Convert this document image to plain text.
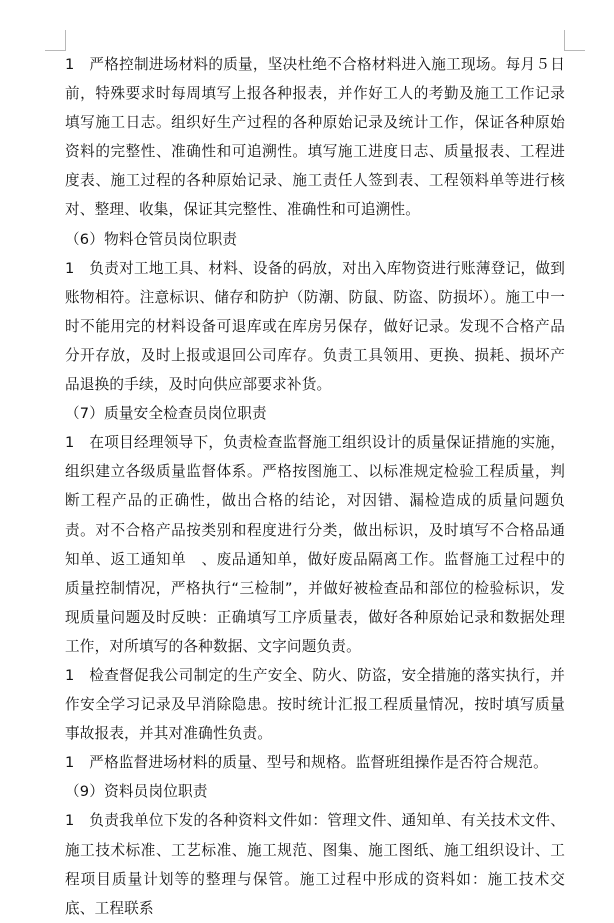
1　严格控制进场材料的质量，坚决杜绝不合格材料进入施工现场。每月５日前，特殊要求时每周填写上报各种报表，并作好工人的考勤及施工工作记录填写施工日志。组织好生产过程的各种原始记录及统计工作，保证各种原始资料的完整性、准确性和可追溯性。填写施工进度日志、质量报表、工程进度表、施工过程的各种原始记录、施工责任人签到表、工程领料单等进行核对、整理、收集，保证其完整性、准确性和可追溯性。

（6）物料仓管员岗位职责

1　负责对工地工具、材料、设备的码放，对出入库物资进行账薄登记，做到账物相符。注意标识、储存和防护（防潮、防鼠、防盗、防损坏）。施工中一时不能用完的材料设备可退库或在库房另保存，做好记录。发现不合格产品分开存放，及时上报或退回公司库存。负责工具领用、更换、损耗、损坏产品退换的手续，及时向供应部要求补货。

（7）质量安全检查员岗位职责

1　在项目经理领导下，负责检查监督施工组织设计的质量保证措施的实施，组织建立各级质量监督体系。严格按图施工、以标准规定检验工程质量，判断工程产品的正确性，做出合格的结论，对因错、漏检造成的质量问题负责。对不合格产品按类别和程度进行分类，做出标识，及时填写不合格品通知单、返工通知单　、废品通知单，做好废品隔离工作。监督施工过程中的质量控制情况，严格执行“三检制”，并做好被检查品和部位的检验标识，发现质量问题及时反映：正确填写工序质量表，做好各种原始记录和数据处理工作，对所填写的各种数据、文字问题负责。

1　检查督促我公司制定的生产安全、防火、防盗，安全措施的落实执行，并作安全学习记录及早消除隐患。按时统计汇报工程质量情况，按时填写质量事故报表，并其对准确性负责。

1　严格监督进场材料的质量、型号和规格。监督班组操作是否符合规范。

（9）资料员岗位职责

1　负责我单位下发的各种资料文件如：管理文件、通知单、有关技术文件、施工技术标准、工艺标准、施工规范、图集、施工图纸、施工组织设计、工程项目质量计划等的整理与保管。施工过程中形成的资料如：施工技术交底、工程联系
